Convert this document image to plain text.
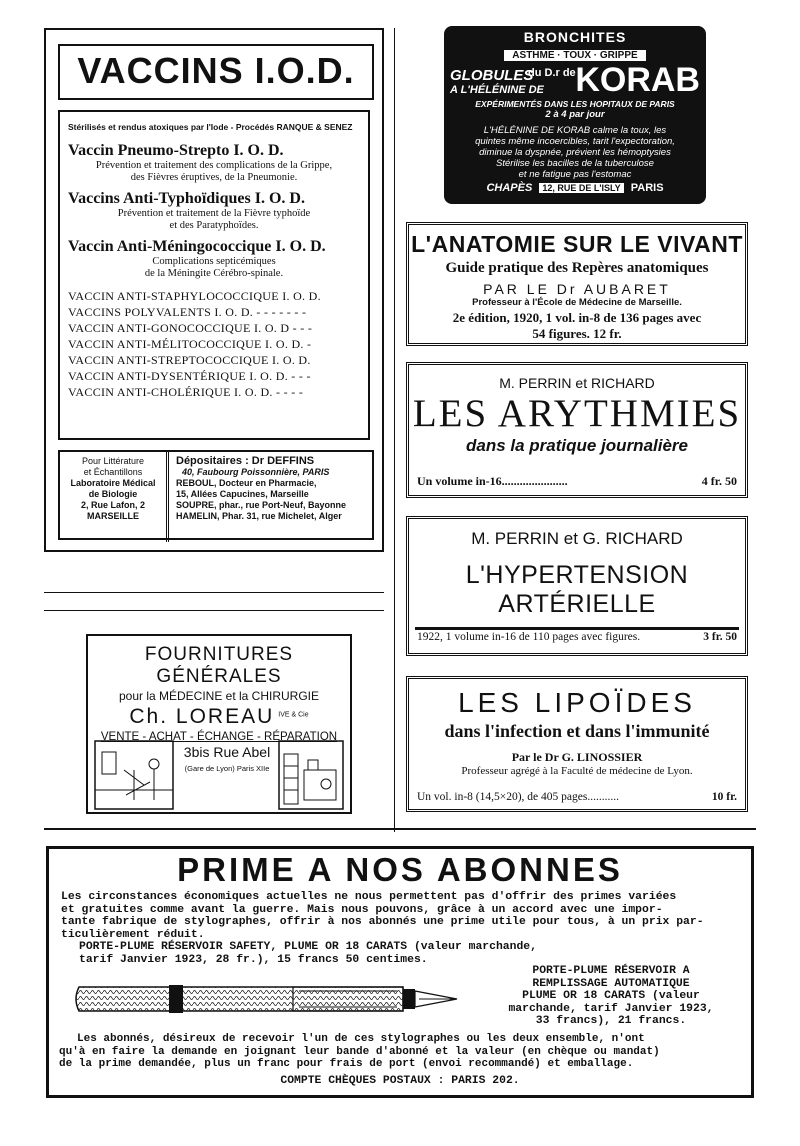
VACCINS I.O.D.
Stérilisés et rendus atoxiques par l'Iode - Procédés RANQUE & SENEZ
Vaccin Pneumo-Strepto I. O. D.
Prévention et traitement des complications de la Grippe,
des Fièvres éruptives, de la Pneumonie.
Vaccins Anti-Typhoïdiques I. O. D.
Prévention et traitement de la Fièvre typhoïde
et des Paratyphoïdes.
Vaccin Anti-Méningococcique I. O. D.
Complications septicémiques
de la Méningite Cérébro-spinale.
VACCIN ANTI-STAPHYLOCOCCIQUE I. O. D.
VACCINS POLYVALENTS I. O. D. - - - - - - -
VACCIN ANTI-GONOCOCCIQUE I. O. D - - -
VACCIN ANTI-MÉLITOCOCCIQUE I. O. D. -
VACCIN ANTI-STREPTOCOCCIQUE I. O. D.
VACCIN ANTI-DYSENTÉRIQUE I. O. D. - - -
VACCIN ANTI-CHOLÉRIQUE I. O. D. - - - -
Pour Littérature
et Échantillons
Laboratoire Médical
de Biologie
2, Rue Lafon, 2
MARSEILLE
Dépositaires : Dr DEFFINS
40, Faubourg Poissonnière, PARIS
REBOUL, Docteur en Pharmacie,
15, Allées Capucines, Marseille
SOUPRE, phar., rue Port-Neuf, Bayonne
HAMELIN, Phar. 31, rue Michelet, Alger
BRONCHITES
ASTHME · TOUX · GRIPPE
GLOBULES
du D.r de KORAB
A L'HÉLÉNINE DE
EXPÉRIMENTÉS DANS LES HOPITAUX DE PARIS
2 à 4 par jour
L'HÉLÉNINE DE KORAB calme la toux, les
quintes même incoercibles, tarit l'expectoration,
diminue la dyspnée, prévient les hémoptysies
Stérilise les bacilles de la tuberculose
et ne fatigue pas l'estomac
CHAPÈS 12, RUE DE L'ISLY PARIS
L'ANATOMIE SUR LE VIVANT
Guide pratique des Repères anatomiques
PAR LE Dr AUBARET
Professeur à l'École de Médecine de Marseille.
2e édition, 1920, 1 vol. in-8 de 136 pages avec
54 figures. 12 fr.
M. PERRIN et RICHARD
LES ARYTHMIES
dans la pratique journalière
Un volume in-16......................	4 fr. 50
M. PERRIN et G. RICHARD
L'HYPERTENSION ARTÉRIELLE
1922, 1 volume in-16 de 110 pages avec figures.	3 fr. 50
LES LIPOÏDES
dans l'infection et dans l'immunité
Par le Dr G. LINOSSIER
Professeur agrégé à la Faculté de médecine de Lyon.
Un vol. in-8 (14,5×20), de 405 pages...........	10 fr.
FOURNITURES GÉNÉRALES
pour la MÉDECINE et la CHIRURGIE
Ch. LOREAU $^{IVE \& Cie}$
VENTE - ACHAT - ÉCHANGE - RÉPARATION
3bis Rue Abel
(Gare de Lyon) Paris XIIe
PRIME A NOS ABONNES
Les circonstances économiques actuelles ne nous permettent pas d'offrir des primes variées
et gratuites comme avant la guerre. Mais nous pouvons, grâce à un accord avec une impor-
tante fabrique de stylographes, offrir à nos abonnés une prime utile pour tous, à un prix par-
ticulièrement réduit.
PORTE-PLUME RÉSERVOIR SAFETY, PLUME OR 18 CARATS (valeur marchande,
tarif Janvier 1923, 28 fr.), 15 francs 50 centimes.
PORTE-PLUME RÉSERVOIR A
REMPLISSAGE AUTOMATIQUE
PLUME OR 18 CARATS (valeur
marchande, tarif Janvier 1923,
33 francs), 21 francs.
Les abonnés, désireux de recevoir l'un de ces stylographes ou les deux ensemble, n'ont
qu'à en faire la demande en joignant leur bande d'abonné et la valeur (en chèque ou mandat)
de la prime demandée, plus un franc pour frais de port (envoi recommandé) et emballage.
COMPTE CHÈQUES POSTAUX : PARIS 202.
